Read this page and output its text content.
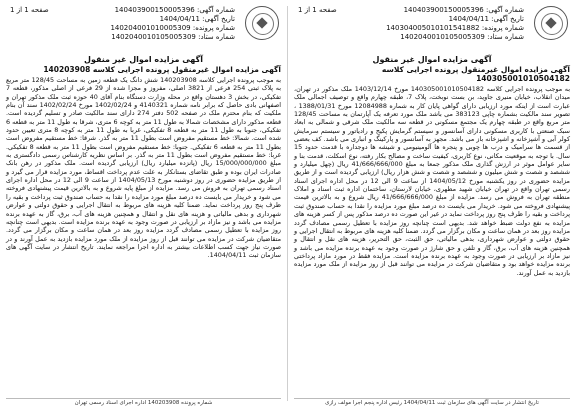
شماره آگهی: 140403900150005396
تاریخ آگهی: 1404/04/11
شماره پرونده: 140304005010101541882
شماره ستاد: 1402040010105005309
صفحه 1 از 1
آگهی مزایده اموال غیر منقول
آگهی مزایده اموال غیرمنقول پرونده اجرایی کلاسه 140305001010504182

به موجب پرونده اجرایی کلاسه 140305001010504182 مورخ 1403/12/14 ملک مذکور در تهران، میدان انقلاب، خیابان منیری جاوید، بن بست نوبخت، پلاک 7، طبقه چهارم واقع و توصیف اجمالی ملک عبارت است از اینکه مورد ارزیابی دارای گواهی پایان کار به شماره 12084988 مورخ 1388/01/31 ، تصویر سند مالکیت بشماره چاپی 383123 می باشد ملک مورد تعرفه یک آپارتمان به مساحت 128/45 متر مربع واقع در طبقه چهارم یک مجتمع مسکونی در قطعه سه مالکیت ملک شرقی و شمالی به ابعاد سبک صنعتی با کاربری مسکونی دارای آسانسور و سیستم گرمایش پکیج و رادیاتور و سیستم سرمایش کولر آبی و آشپزخانه و اشپزخانه باز می باشد. مجهز به آسانسور و پارکینگ و انباری می باشد. کف بعضی از قسمت ها سرامیک و درب ها چوبی و پنجره ها آلومینیومی و شیشه ها دوجداره با قدمت حدود 15 سال. با توجه به موقعیت مکانی، نوع کاربری، کیفیت ساخت و مصالح بکار رفته، نوع اسکلت، قدمت بنا و سایر عوامل موثر در ارزش گذاری ملک مذکور جمعا به مبلغ 41/666/666/000 ریال (چهل میلیارد و ششصد و شصت و شش میلیون و ششصد و شصت و شش هزار ریال) ارزیابی گردیده است و از طریق مزایده حضوری در روز یکشنبه مورخ 1404/05/12 از ساعت 9 الی 12 در محل اداره اجرای اسناد رسمی تهران واقع در تهران خیابان شهید مطهری، خیابان لارستان، ساختمان اداره ثبت اسناد و املاک منطقه تهران به فروش می رسد. مزایده از مبلغ 41/666/666/000 ریال شروع و به بالاترین قیمت پیشنهادی فروخته می شود. خریدار می بایست ده درصد مبلغ مورد مزایده را نقدا به حساب صندوق ثبت پرداخت و بقیه را ظرف پنج روز پرداخت نماید در غیر این صورت ده درصد مذکور پس از کسر هزینه های مزایده به نفع دولت ضبط خواهد شد. بدیهی است چنانچه روز مزایده با تعطیل رسمی مصادف گردد مزایده روز بعد در همان ساعت و مکان برگزار می گردد. ضمنا کلیه هزینه های مربوط به انتقال اجرایی و حقوق دولتی و عوارض شهرداری، بدهی مالیاتی، حق الثبت، حق التحریر، هزینه های نقل و انتقال و همچنین هزینه های آب، برق، گاز و تلفن و حق شارژ در صورت وجود به عهده برنده مزایده می باشد و نیز مازاد بر ارزیابی در صورت وجود به عهده برنده مزایده است. مزایده فقط در مورد مازاد پرداختی برنده مزایده خواهد بود و متقاضیان شرکت در مزایده می توانند قبل از روز مزایده از ملک مورد مزایده بازدید به عمل آورند.

تاریخ انتشار در سایت آگهی های سازمان ثبت 1404/04/11 رئیس اداره پنجم اجرا مولف رازی
شماره آگهی: 140403900150005396
تاریخ آگهی: 1404/04/11
شماره پرونده: 140204001010005309
شماره ستاد: 1402040010105005309
صفحه 1 از 1
آگهی مزایده اموال غیر منقول
آگهی مزایده اموال غیرمنقول پرونده اجرایی کلاسه 140203908

به موجب پرونده اجرایی کلاسه 140203908 شش دانگ یک قطعه زمین به مساحت 128/45 متر مربع به پلاک ثبتی 254 فرعی از 3821 اصلی، مفروز و مجزا شده از 29 فرعی از اصلی مذکور، قطعه 7 تفکیکی، در بخش 3 دهستان واقع در محله وزارت دستگاه بنام آقای 40 حوزه ثبت ملک مذکور تهران و اصفهانی بادی حاصل که برابر نامه شماره 4140321 و 1402/02/24 مورخ 1402/02/24 سند آن بنام ملکیت که بنام محترم ملک در صفحه 502 دفتر 274 دارای سند مالکیت صادر و تسلیم گردیده است. قطعه مذکور دارای مشخصات شمالا به طول 11 متر به کوچه 6 متری، شرقا به طول 11 متر به قطعه 6 تفکیکی، جنوبا به طول 11 متر به قطعه 8 تفکیکی، غربا به طول 11 متر به کوچه 8 متری تعیین حدود شده است. شمالا: خط مستقیم مفروض است بطول 11 متر به گذر. شرقا: خط مستقیم مفروض است بطول 11 متر به قطعه 6 تفکیکی. جنوبا: خط مستقیم مفروض است بطول 11 متر به قطعه 8 تفکیکی. غربا: خط مستقیم مفروض است بطول 11 متر به گذر. بر اساس نظریه کارشناس رسمی دادگستری به مبلغ 15/000/000/000 ریال (پانزده میلیارد ریال) ارزیابی گردیده است. ملک مذکور در رهن بانک صادرات ایران بوده و طبق تقاضای بستانکار به علت عدم پرداخت اقساط، مورد مزایده قرار می گیرد و از طریق مزایده حضوری در روز دوشنبه مورخ 1404/05/13 از ساعت 9 الی 12 در محل اداره اجرای اسناد رسمی تهران به فروش می رسد. مزایده از مبلغ پایه شروع و به بالاترین قیمت پیشنهادی فروخته می شود و خریدار می بایست ده درصد مبلغ مورد مزایده را نقدا به حساب صندوق ثبت پرداخت و بقیه را ظرف پنج روز پرداخت نماید. ضمنا کلیه هزینه های مربوط به انتقال اجرایی و حقوق دولتی و عوارض شهرداری و بدهی مالیاتی و هزینه های نقل و انتقال و همچنین هزینه های آب، برق، گاز به عهده برنده مزایده می باشد و نیز مازاد بر ارزیابی در صورت وجود به عهده برنده مزایده است. بدیهی است چنانچه روز مزایده با تعطیل رسمی مصادف گردد مزایده روز بعد در همان ساعت و مکان برگزار می گردد. متقاضیان شرکت در مزایده می توانند قبل از روز مزایده از ملک مورد مزایده بازدید به عمل آورند و در صورت نیاز جهت کسب اطلاعات بیشتر به اداره اجرا مراجعه نمایند. تاریخ انتشار در سایت آگهی های سازمان ثبت 1404/04/11.

شماره پرونده 140203908 اداره اجرای اسناد رسمی تهران
